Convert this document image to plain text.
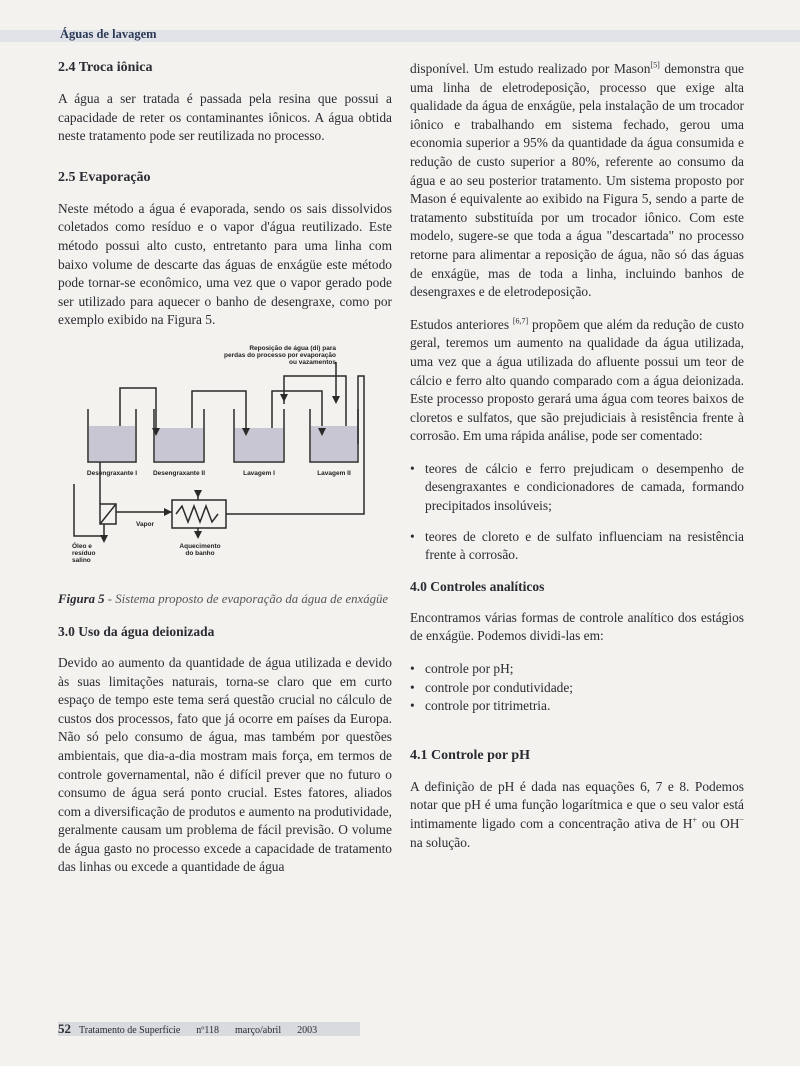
Águas de lavagem
2.4 Troca iônica

A água a ser tratada é passada pela resina que possui a capacidade de reter os contaminantes iônicos. A água obtida neste tratamento pode ser reutilizada no processo.

2.5 Evaporação

Neste método a água é evaporada, sendo os sais dissolvidos coletados como resíduo e o vapor d'água reutilizado. Este método possui alto custo, entretanto para uma linha com baixo volume de descarte das águas de enxágüe este método pode tornar-se econômico, uma vez que o vapor gerado pode ser utilizado para aquecer o banho de desengraxe, como por exemplo exibido na Figura 5.

Reposição de água (di) para
perdas do processo por evaporação
ou vazamentos
Desengraxante I Desengraxante II	Lavagem I	Lavagem II
Vapor
Aquecimento
do banho
Óleo e
resíduo
salino

Figura 5 - Sistema proposto de evaporação da água de enxágüe

3.0 Uso da água deionizada

Devido ao aumento da quantidade de água utilizada e devido às suas limitações naturais, torna-se claro que em curto espaço de tempo este tema será questão crucial no cálculo de custos dos processos, fato que já ocorre em países da Europa. Não só pelo consumo de água, mas também por questões ambientais, que dia-a-dia mostram mais força, em termos de controle governamental, não é difícil prever que no futuro o consumo de água será ponto crucial. Estes fatores, aliados com a diversificação de produtos e aumento na produtividade, geralmente causam um problema de fácil previsão. O volume de água gasto no processo excede a capacidade de tratamento das linhas ou excede a quantidade de água

disponível. Um estudo realizado por Mason[5] demonstra que uma linha de eletrodeposição, processo que exige alta qualidade da água de enxágüe, pela instalação de um trocador iônico e trabalhando em sistema fechado, gerou uma economia superior a 95% da quantidade da água consumida e redução de custo superior a 80%, referente ao consumo da água e ao seu posterior tratamento. Um sistema proposto por Mason é equivalente ao exibido na Figura 5, sendo a parte de tratamento substituída por um trocador iônico. Com este modelo, sugere-se que toda a água "descartada" no processo retorne para alimentar a reposição de água, não só das águas de enxágüe, mas de toda a linha, incluindo banhos de desengraxes e de eletrodeposição.

Estudos anteriores [6,7] propõem que além da redução de custo geral, teremos um aumento na qualidade da água utilizada, uma vez que a água utilizada do afluente possui um teor de cálcio e ferro alto quando comparado com a água deionizada. Este processo proposto gerará uma água com teores baixos de cloretos e sulfatos, que são prejudiciais à resistência frente à corrosão. Em uma rápida análise, pode ser comentado:

• teores de cálcio e ferro prejudicam o desempenho de desengraxantes e condicionadores de camada, formando precipitados insolúveis;
• teores de cloreto e de sulfato influenciam na resistência frente à corrosão.
4.0 Controles analíticos

Encontramos várias formas de controle analítico dos estágios de enxágüe. Podemos dividi-las em:

• controle por pH;
• controle por condutividade;
• controle por titrimetria.
4.1 Controle por pH

A definição de pH é dada nas equações 6, 7 e 8. Podemos notar que pH é uma função logarítmica e que o seu valor está intimamente ligado com a concentração ativa de H+ ou OH− na solução.

52 Tratamento de Superfície nº118 março/abril 2003
